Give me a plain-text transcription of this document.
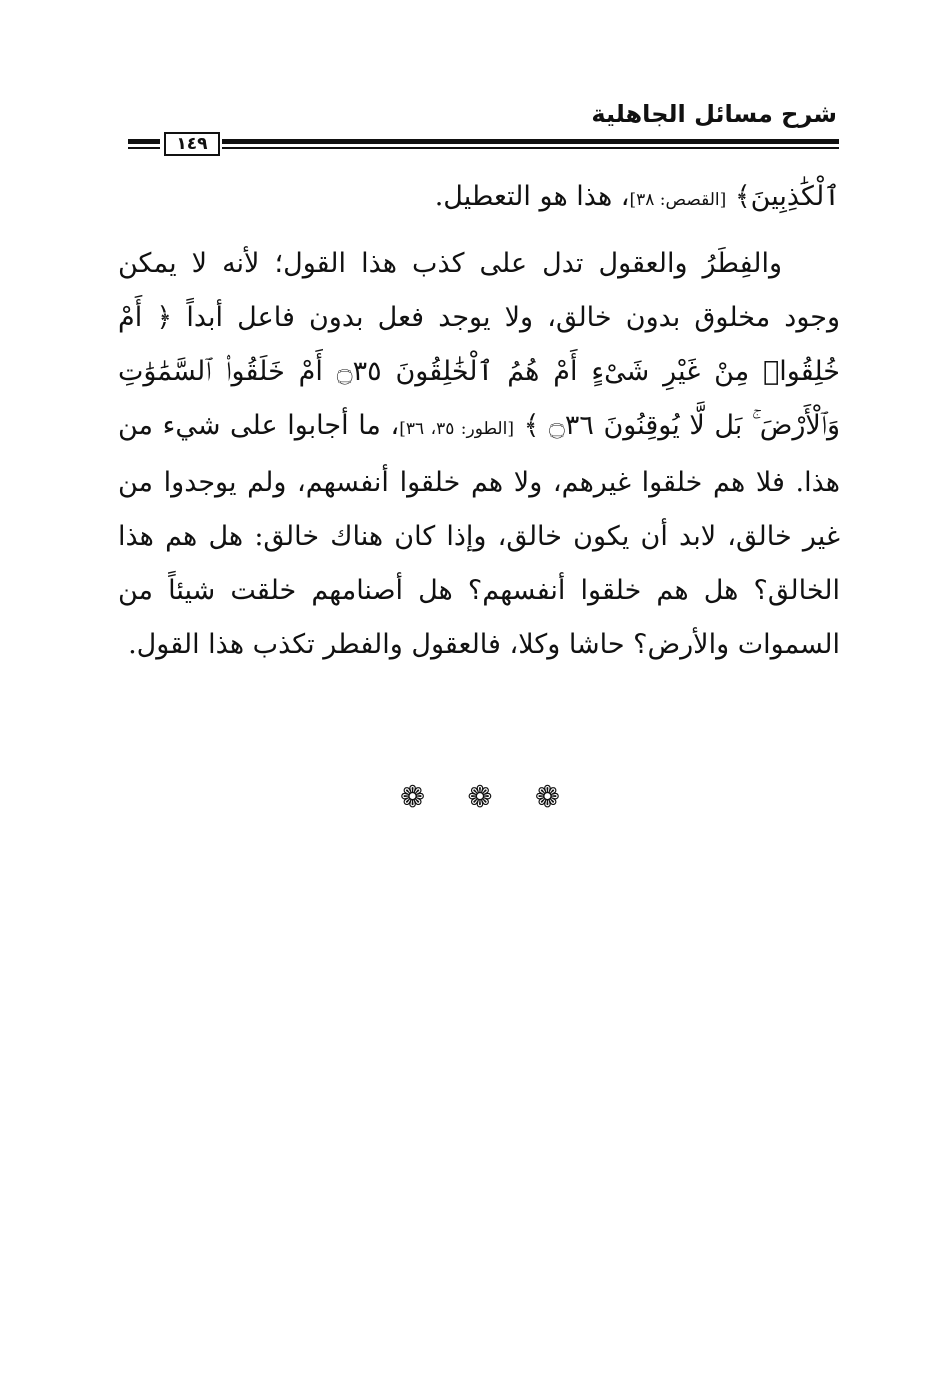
شرح مسائل الجاهلية
١٤٩

ٱلْكَٰذِبِينَ﴾ [القصص: ٣٨]، هذا هو التعطيل.

والفِطَرُ والعقول تدل على كذب هذا القول؛ لأنه لا يمكن وجود مخلوق بدون خالق، ولا يوجد فعل بدون فاعل أبداً ﴿ أَمْ خُلِقُوا۟ مِنْ غَيْرِ شَىْءٍ أَمْ هُمُ ٱلْخَٰلِقُونَ ۝٣٥ أَمْ خَلَقُوا۟ ٱلسَّمَٰوَٰتِ وَٱلْأَرْضَ ۚ بَل لَّا يُوقِنُونَ ۝٣٦ ﴾ [الطور: ٣٥، ٣٦]، ما أجابوا على شيء من هذا. فلا هم خلقوا غيرهم، ولا هم خلقوا أنفسهم، ولم يوجدوا من غير خالق، لابد أن يكون خالق، وإذا كان هناك خالق: هل هم هذا الخالق؟ هل هم خلقوا أنفسهم؟ هل أصنامهم خلقت شيئاً من السموات والأرض؟ حاشا وكلا، فالعقول والفطر تكذب هذا القول.

❁ ❁ ❁
